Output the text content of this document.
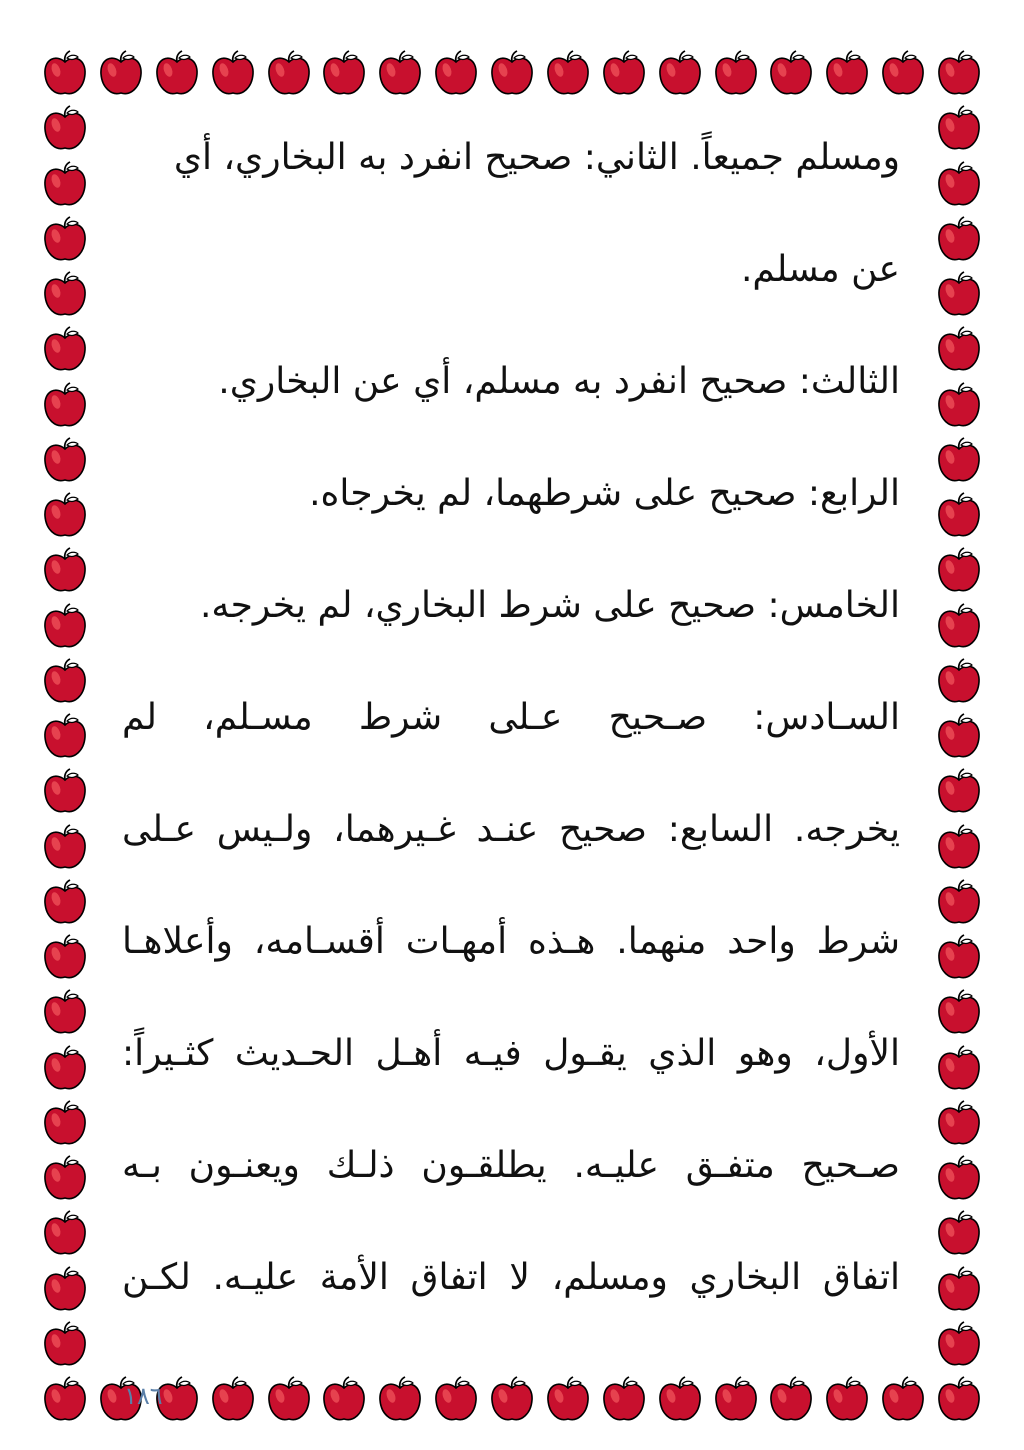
ومسلم جميعاً. الثاني: صحيح انفرد به البخاري، أي
عن مسلم.
الثالث: صحيح انفرد به مسلم، أي عن البخاري.
الرابع: صحيح على شرطهما، لم يخرجاه.
الخامس: صحيح على شرط البخاري، لم يخرجه.
السـادس: صـحيح عـلى شرط مسـلم، لم
يخرجه. السابع: صحيح عنـد غـيرهما، ولـيس عـلى
شرط واحد منهما. هـذه أمهـات أقسـامه، وأعلاهـا
الأول، وهو الذي يقـول فيـه أهـل الحـديث كثـيراً:
صـحيح متفـق عليـه. يطلقـون ذلـك ويعنـون بـه
اتفاق البخاري ومسلم، لا اتفاق الأمة عليـه. لكـن
١٨٦
